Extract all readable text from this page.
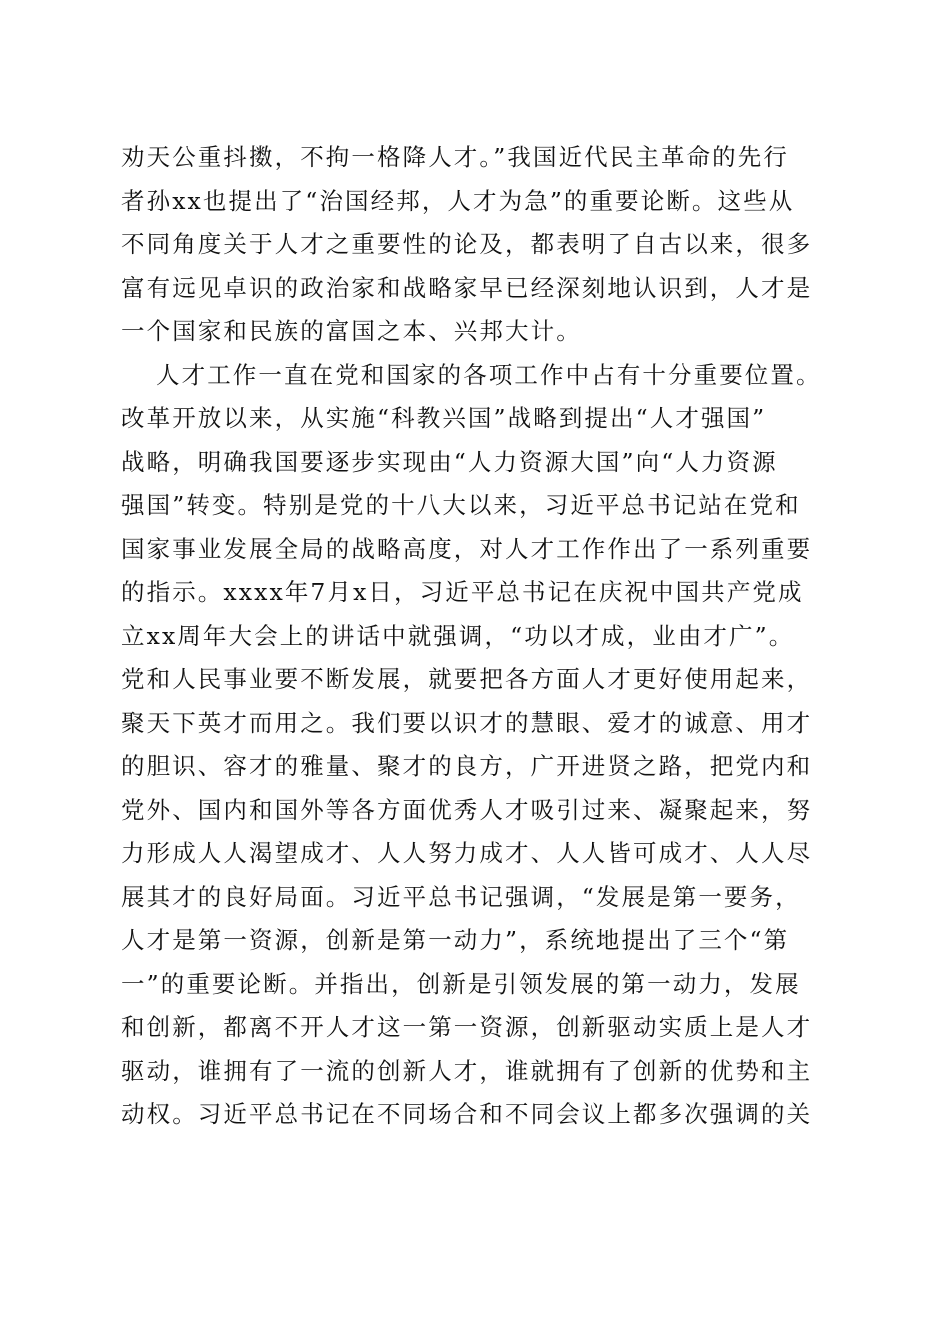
劝天公重抖擞，不拘一格降人才。”我国近代民主革命的先行
者孙xx也提出了“治国经邦，人才为急”的重要论断。这些从
不同角度关于人才之重要性的论及，都表明了自古以来，很多
富有远见卓识的政治家和战略家早已经深刻地认识到，人才是
一个国家和民族的富国之本、兴邦大计。
人才工作一直在党和国家的各项工作中占有十分重要位置。
改革开放以来，从实施“科教兴国”战略到提出“人才强国”
战略，明确我国要逐步实现由“人力资源大国”向“人力资源
强国”转变。特别是党的十八大以来，习近平总书记站在党和
国家事业发展全局的战略高度，对人才工作作出了一系列重要
的指示。xxxx年7月x日，习近平总书记在庆祝中国共产党成
立xx周年大会上的讲话中就强调，“功以才成，业由才广”。
党和人民事业要不断发展，就要把各方面人才更好使用起来，
聚天下英才而用之。我们要以识才的慧眼、爱才的诚意、用才
的胆识、容才的雅量、聚才的良方，广开进贤之路，把党内和
党外、国内和国外等各方面优秀人才吸引过来、凝聚起来，努
力形成人人渴望成才、人人努力成才、人人皆可成才、人人尽
展其才的良好局面。习近平总书记强调，“发展是第一要务，
人才是第一资源，创新是第一动力”，系统地提出了三个“第
一”的重要论断。并指出，创新是引领发展的第一动力，发展
和创新，都离不开人才这一第一资源，创新驱动实质上是人才
驱动，谁拥有了一流的创新人才，谁就拥有了创新的优势和主
动权。习近平总书记在不同场合和不同会议上都多次强调的关
